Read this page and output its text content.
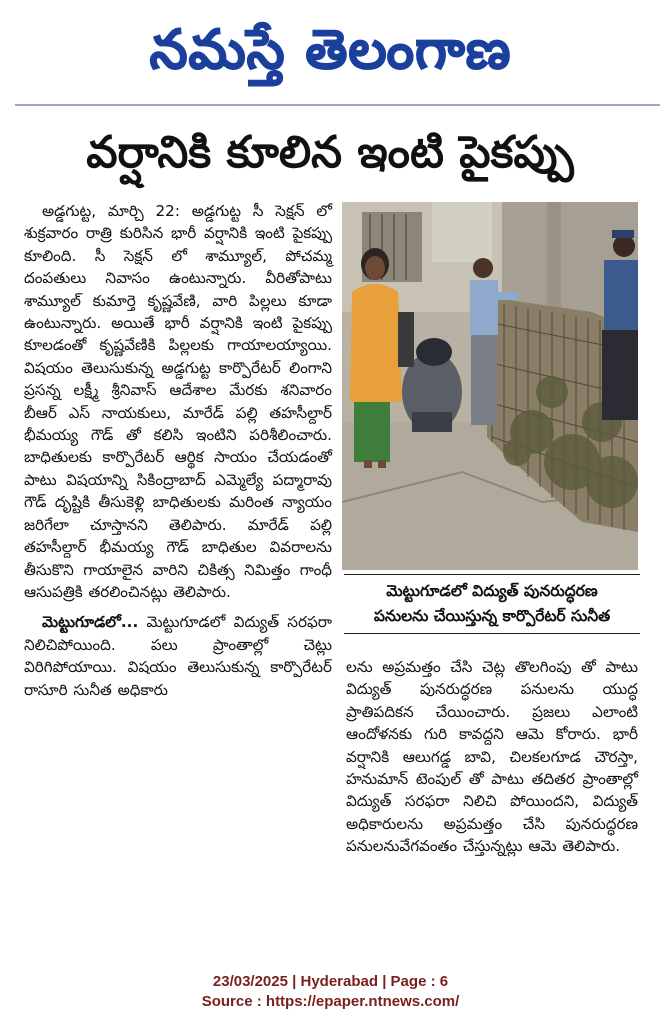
నమస్తే తెలంగాణ
వర్షానికి కూలిన ఇంటి పైకప్పు

అడ్డగుట్ట, మార్చి 22: అడ్డగుట్ట సీ సెక్షన్ లో శుక్రవారం రాత్రి కురిసిన భారీ వర్షానికి ఇంటి పైకప్పు కూలింది. సీ సెక్షన్ లో శామ్యూల్, పోచమ్మ దంపతులు నివాసం ఉంటున్నారు. వీరితోపాటు శామ్యూల్ కుమార్తె కృష్ణవేణి, వారి పిల్లలు కూడా ఉంటున్నారు. అయితే భారీ వర్షానికి ఇంటి పైకప్పు కూలడంతో కృష్ణవేణికి పిల్లలకు గాయాలయ్యాయి. విషయం తెలుసుకున్న అడ్డగుట్ట కార్పొరేటర్ లింగాని ప్రసన్న లక్ష్మీ శ్రీనివాస్ ఆదేశాల మేరకు శనివారం బీఆర్ ఎస్ నాయకులు, మారేడ్ పల్లి తహసీల్దార్ భీమయ్య గౌడ్ తో కలిసి ఇంటిని పరిశీలించారు. బాధితులకు కార్పొరేటర్ ఆర్థిక సాయం చేయడంతో పాటు విషయాన్ని సికింద్రాబాద్ ఎమ్మెల్యే పద్మారావు గౌడ్ దృష్టికి తీసుకెళ్లి బాధితులకు మరింత న్యాయం జరిగేలా చూస్తానని తెలిపారు. మారేడ్ పల్లి తహసీల్దార్ భీమయ్య గౌడ్ బాధితుల వివరాలను తీసుకొని గాయాలైన వారిని చికిత్స నిమిత్తం గాంధీ ఆసుపత్రికి తరలించినట్లు తెలిపారు.

మెట్టుగూడలో... మెట్టుగూడలో విద్యుత్ సరఫరా నిలిచిపోయింది. పలు ప్రాంతాల్లో చెట్లు విరిగిపోయాయి. విషయం తెలుసుకున్న కార్పొరేటర్ రాసూరి సునీత అధికారు

మెట్టుగూడలో విద్యుత్ పునరుద్ధరణ
పనులను చేయిస్తున్న కార్పొరేటర్ సునీత

లను అప్రమత్తం చేసి చెట్ల తొలగింపు తో పాటు విద్యుత్ పునరుద్ధరణ పనులను యుద్ధ ప్రాతిపదికన చేయించారు. ప్రజలు ఎలాంటి ఆందోళనకు గురి కావద్దని ఆమె కోరారు. భారీ వర్షానికి ఆలుగడ్డ బావి, చిలకలగూడ చౌరస్తా, హనుమాన్ టెంపుల్ తో పాటు తదితర ప్రాంతాల్లో విద్యుత్ సరఫరా నిలిచి పోయిందని, విద్యుత్ అధికారులను అప్రమత్తం చేసి పునరుద్ధరణ పనులనువేగవంతం చేస్తున్నట్లు ఆమె తెలిపారు.

23/03/2025 | Hyderabad | Page : 6
Source : https://epaper.ntnews.com/
